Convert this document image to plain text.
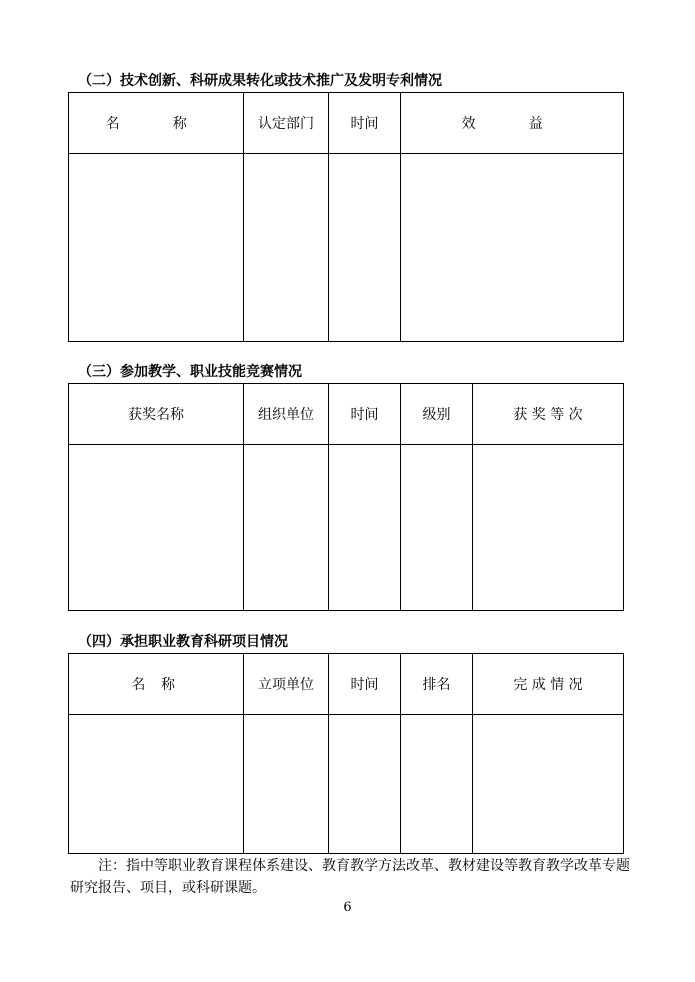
（二）技术创新、科研成果转化或技术推广及发明专利情况
名　称	认定部门	时间	效　益

（三）参加教学、职业技能竞赛情况
获奖名称	组织单位	时间	级别	获 奖 等 次

（四）承担职业教育科研项目情况
名 称	立项单位	时间	排名	完 成 情 况

注：指中等职业教育课程体系建设、教育教学方法改革、教材建设等教育教学改革专题研究报告、项目，或科研课题。
6
